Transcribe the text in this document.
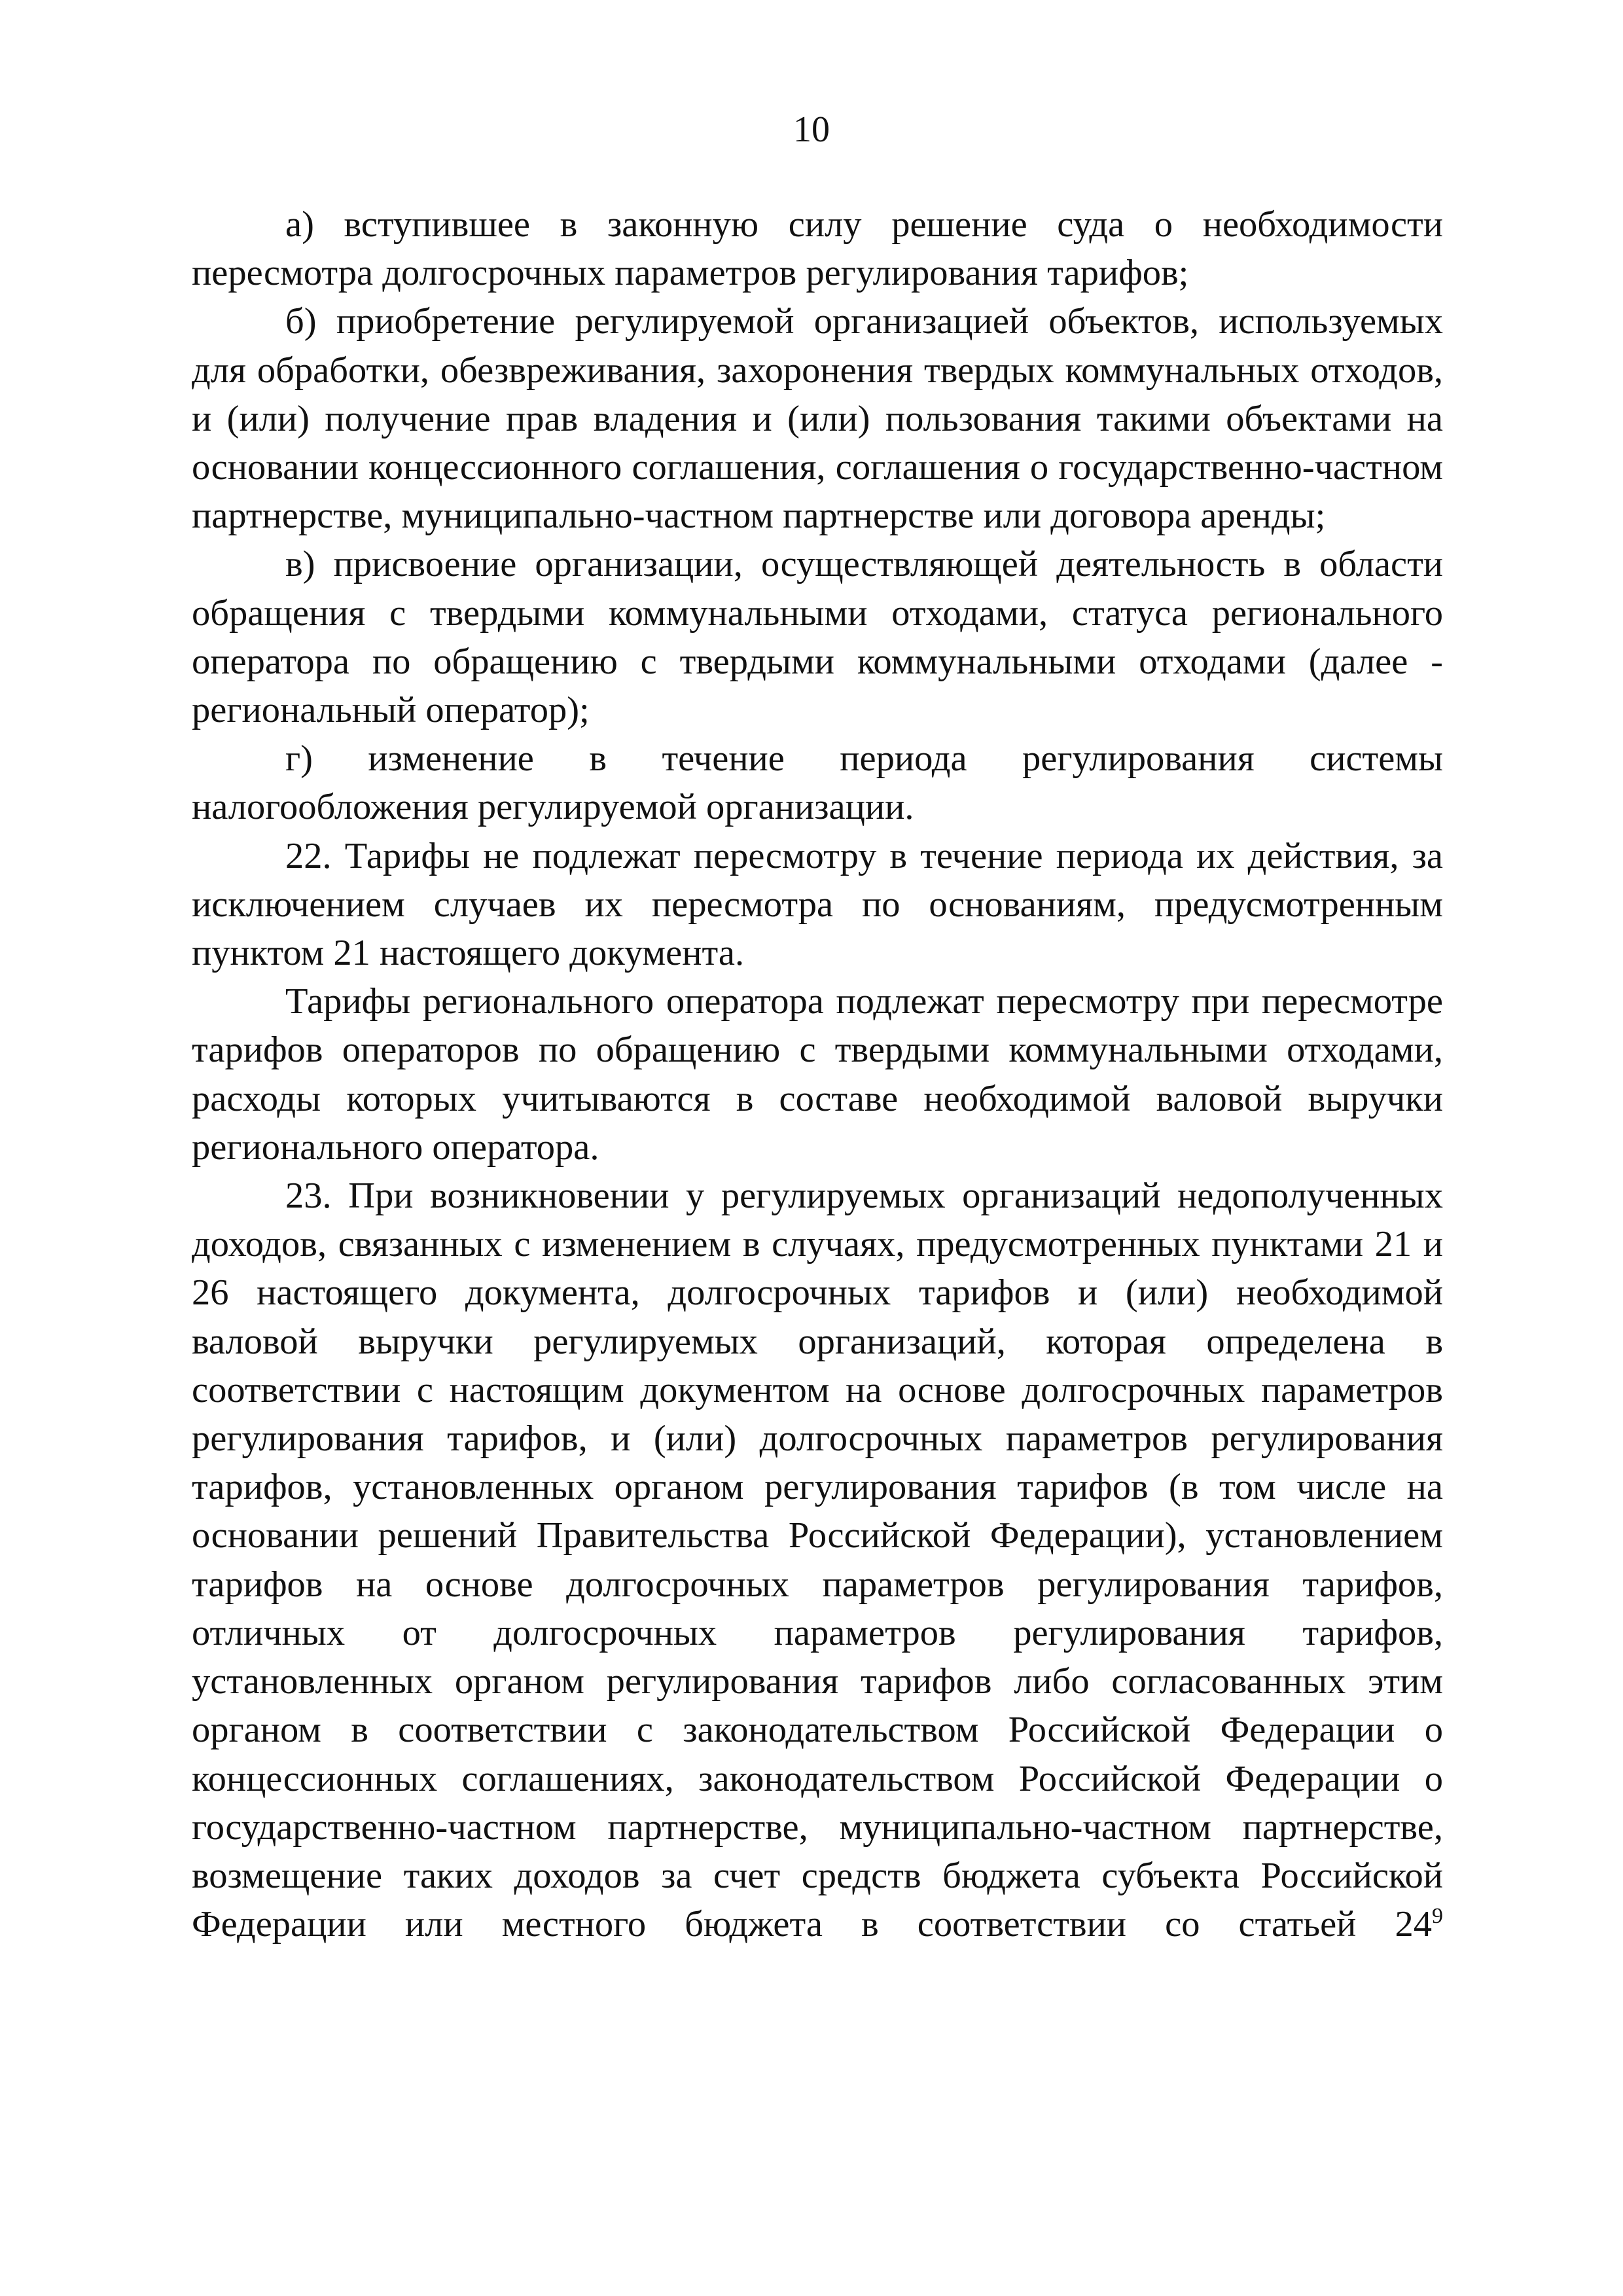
10

а) вступившее в законную силу решение суда о необходимости пересмотра долгосрочных параметров регулирования тарифов;

б) приобретение регулируемой организацией объектов, используемых для обработки, обезвреживания, захоронения твердых коммунальных отходов, и (или) получение прав владения и (или) пользования такими объектами на основании концессионного соглашения, соглашения о государственно-частном партнерстве, муниципально-частном партнерстве или договора аренды;

в) присвоение организации, осуществляющей деятельность в области обращения с твердыми коммунальными отходами, статуса регионального оператора по обращению с твердыми коммунальными отходами (далее - региональный оператор);

г) изменение в течение периода регулирования системы налогообложения регулируемой организации.

22. Тарифы не подлежат пересмотру в течение периода их действия, за исключением случаев их пересмотра по основаниям, предусмотренным пунктом 21 настоящего документа.

Тарифы регионального оператора подлежат пересмотру при пересмотре тарифов операторов по обращению с твердыми коммунальными отходами, расходы которых учитываются в составе необходимой валовой выручки регионального оператора.

23. При возникновении у регулируемых организаций недополученных доходов, связанных с изменением в случаях, предусмотренных пунктами 21 и 26 настоящего документа, долгосрочных тарифов и (или) необходимой валовой выручки регулируемых организаций, которая определена в соответствии с настоящим документом на основе долгосрочных параметров регулирования тарифов, и (или) долгосрочных параметров регулирования тарифов, установленных органом регулирования тарифов (в том числе на основании решений Правительства Российской Федерации), установлением тарифов на основе долгосрочных параметров регулирования тарифов, отличных от долгосрочных параметров регулирования тарифов, установленных органом регулирования тарифов либо согласованных этим органом в соответствии с законодательством Российской Федерации о концессионных соглашениях, законодательством Российской Федерации о государственно-частном партнерстве, муниципально-частном партнерстве, возмещение таких доходов за счет средств бюджета субъекта Российской Федерации или местного бюджета в соответствии со статьей $24^9$
